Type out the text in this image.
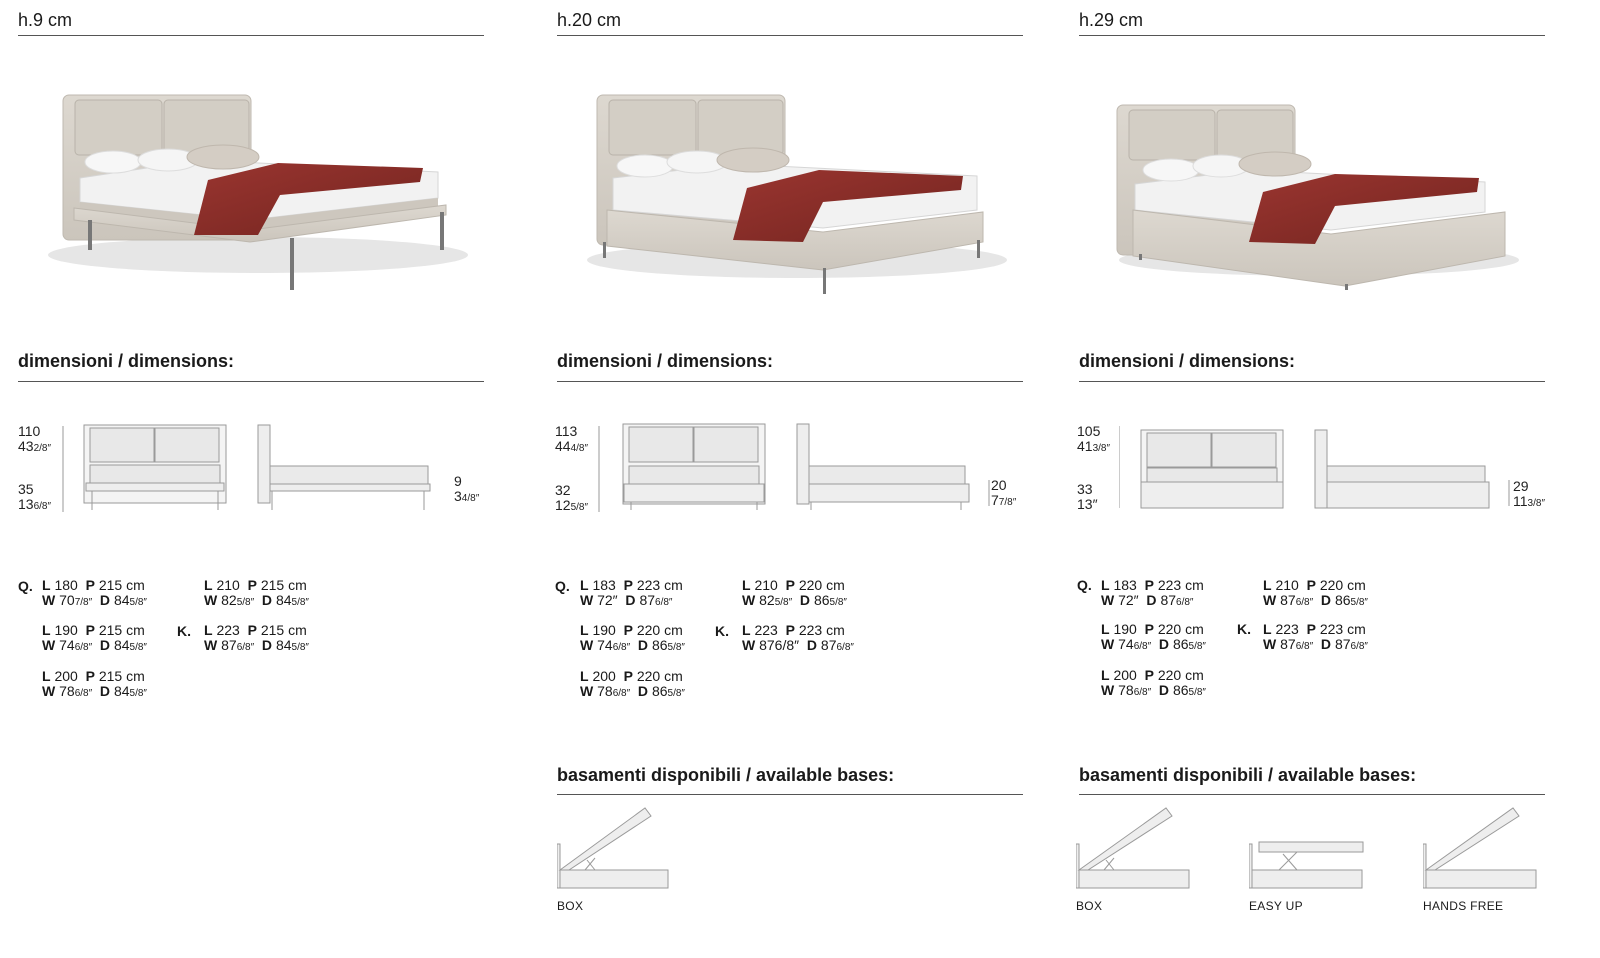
h.9 cm
dimensioni / dimensions:
110
432/8″
35
136/8″
9
34/8″
Q.
K.
L 180 P 215 cm
W 707/8″ D 845/8″
L 190 P 215 cm
W 746/8″ D 845/8″
L 200 P 215 cm
W 786/8″ D 845/8″
L 210 P 215 cm
W 825/8″ D 845/8″
L 223 P 215 cm
W 876/8″ D 845/8″
h.20 cm
dimensioni / dimensions:
113
444/8″
32
125/8″
20
77/8″
Q.
K.
L 183 P 223 cm
W 72″ D 876/8″
L 190 P 220 cm
W 746/8″ D 865/8″
L 200 P 220 cm
W 786/8″ D 865/8″
L 210 P 220 cm
W 825/8″ D 865/8″
L 223 P 223 cm
W 876/8″ D 876/8″
basamenti disponibili / available bases:
BOX
h.29 cm
dimensioni / dimensions:
105
413/8″
33
13″
29
113/8″
Q.
K.
L 183 P 223 cm
W 72″ D 876/8″
L 190 P 220 cm
W 746/8″ D 865/8″
L 200 P 220 cm
W 786/8″ D 865/8″
L 210 P 220 cm
W 876/8″ D 865/8″
L 223 P 223 cm
W 876/8″ D 876/8″
basamenti disponibili / available bases:
BOX	EASY UP	HANDS FREE
